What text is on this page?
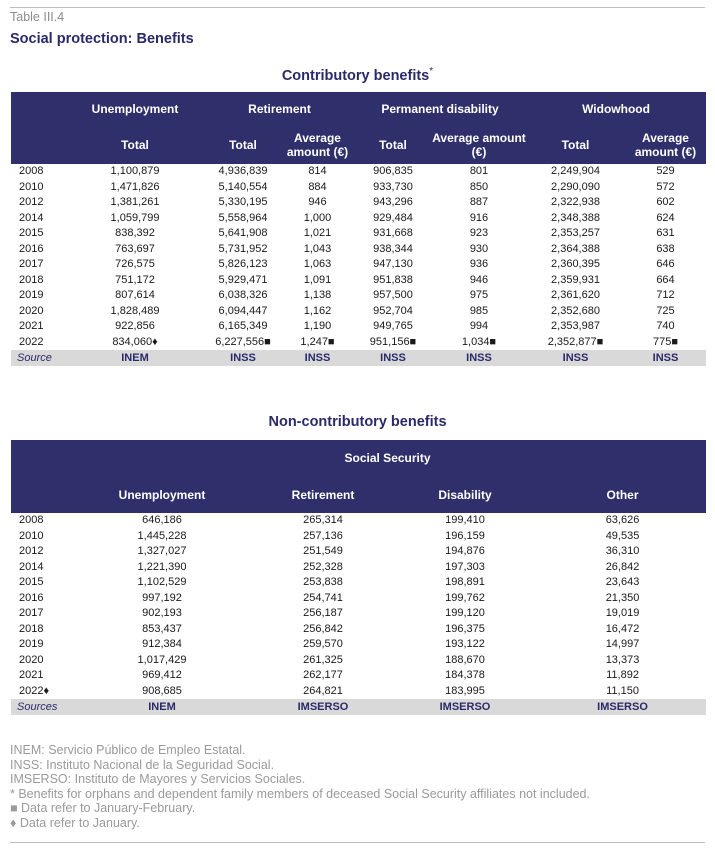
Table III.4
Social protection: Benefits
Contributory benefits*
	Unemployment	Retirement		Permanent disability		Widowhood	
	Total	Total	Average amount (€)	Total	Average amount (€)	Total	Average amount (€)
2008	1,100,879	4,936,839	814	906,835	801	2,249,904	529
2010	1,471,826	5,140,554	884	933,730	850	2,290,090	572
2012	1,381,261	5,330,195	946	943,296	887	2,322,938	602
2014	1,059,799	5,558,964	1,000	929,484	916	2,348,388	624
2015	838,392	5,641,908	1,021	931,668	923	2,353,257	631
2016	763,697	5,731,952	1,043	938,344	930	2,364,388	638
2017	726,575	5,826,123	1,063	947,130	936	2,360,395	646
2018	751,172	5,929,471	1,091	951,838	946	2,359,931	664
2019	807,614	6,038,326	1,138	957,500	975	2,361,620	712
2020	1,828,489	6,094,447	1,162	952,704	985	2,352,680	725
2021	922,856	6,165,349	1,190	949,765	994	2,353,987	740
2022	834,060♦	6,227,556■	1,247■	951,156■	1,034■	2,352,877■	775■
Source	INEM	INSS	INSS	INSS	INSS	INSS	INSS
Non-contributory benefits
	Social Security			
	Unemployment	Retirement	Disability	Other
2008	646,186	265,314	199,410	63,626
2010	1,445,228	257,136	196,159	49,535
2012	1,327,027	251,549	194,876	36,310
2014	1,221,390	252,328	197,303	26,842
2015	1,102,529	253,838	198,891	23,643
2016	997,192	254,741	199,762	21,350
2017	902,193	256,187	199,120	19,019
2018	853,437	256,842	196,375	16,472
2019	912,384	259,570	193,122	14,997
2020	1,017,429	261,325	188,670	13,373
2021	969,412	262,177	184,378	11,892
2022♦	908,685	264,821	183,995	11,150
Sources	INEM	IMSERSO	IMSERSO	IMSERSO
INEM: Servicio Público de Empleo Estatal.
INSS: Instituto Nacional de la Seguridad Social.
IMSERSO: Instituto de Mayores y Servicios Sociales.
* Benefits for orphans and dependent family members of deceased Social Security affiliates not included.
■ Data refer to January-February.
♦ Data refer to January.
